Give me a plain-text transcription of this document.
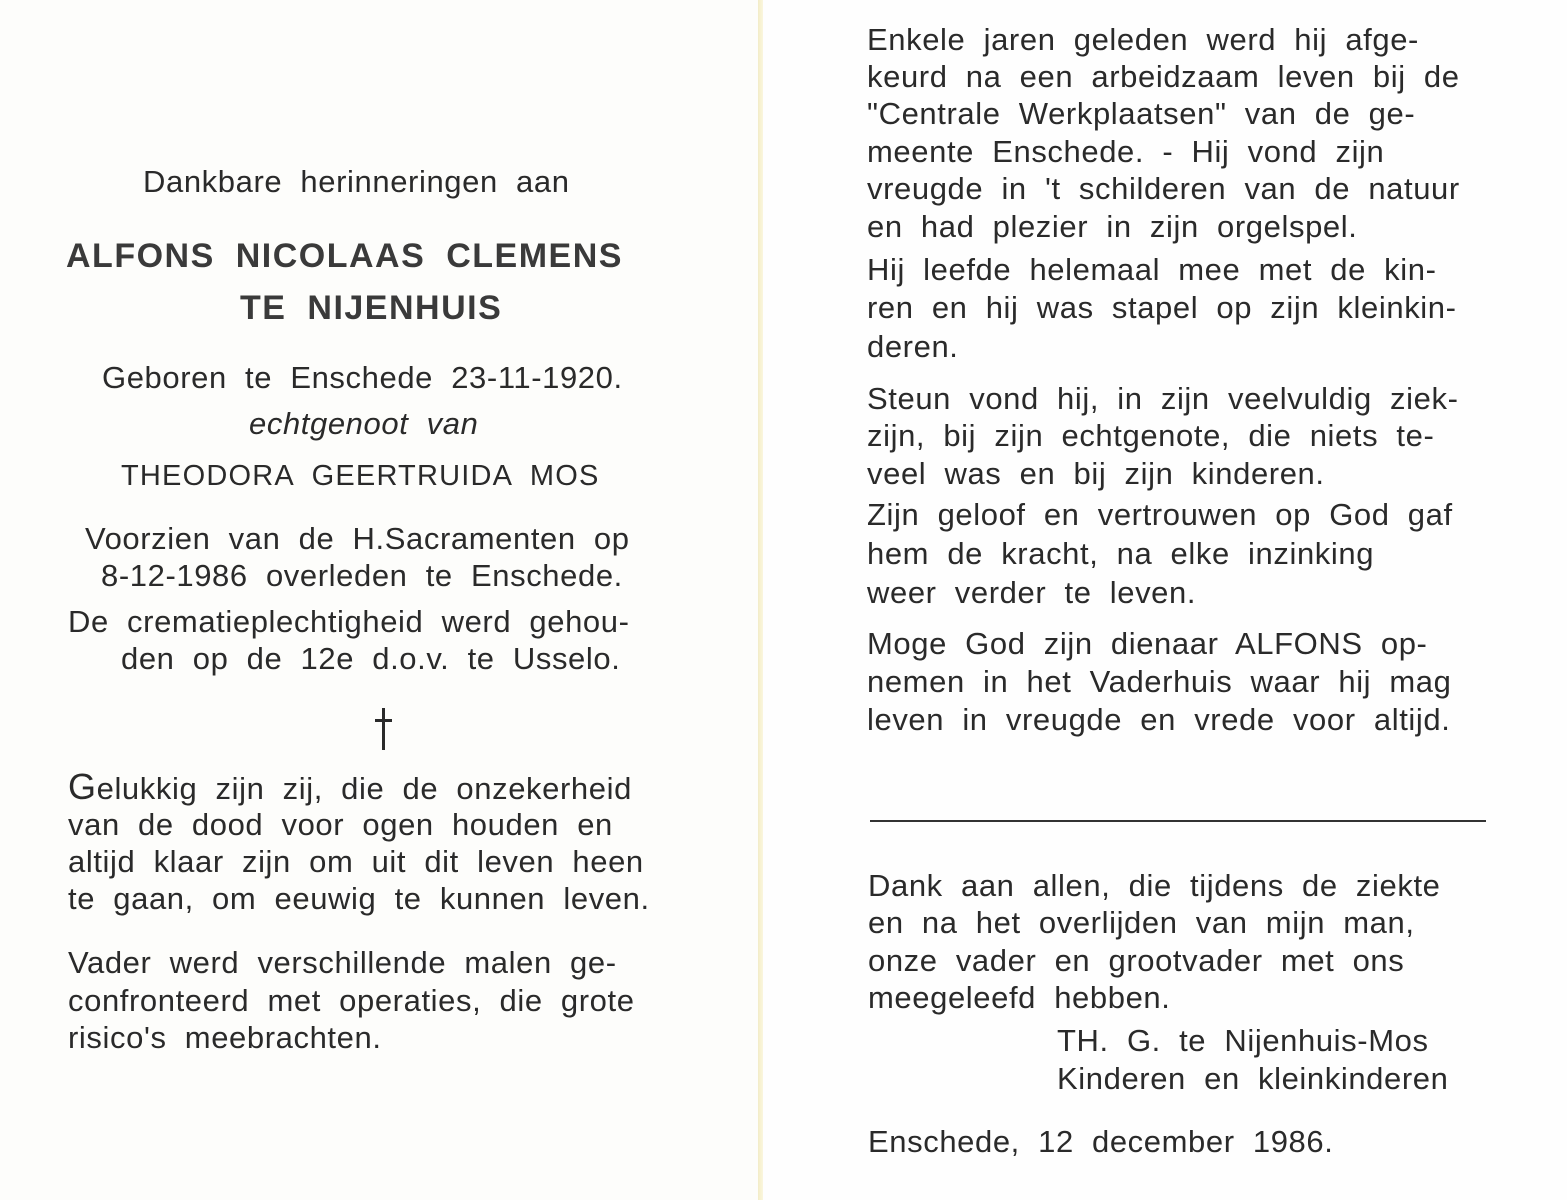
Dankbare herinneringen aan
ALFONS NICOLAAS CLEMENS
TE NIJENHUIS
Geboren te Enschede 23-11-1920.
echtgenoot van
THEODORA GEERTRUIDA MOS
Voorzien van de H.Sacramenten op
8-12-1986 overleden te Enschede.
De crematieplechtigheid werd gehou-
den op de 12e d.o.v. te Usselo.
Gelukkig zijn zij, die de onzekerheid
van de dood voor ogen houden en
altijd klaar zijn om uit dit leven heen
te gaan, om eeuwig te kunnen leven.
Vader werd verschillende malen ge-
confronteerd met operaties, die grote
risico's meebrachten.
Enkele jaren geleden werd hij afge-
keurd na een arbeidzaam leven bij de
"Centrale Werkplaatsen" van de ge-
meente Enschede. - Hij vond zijn
vreugde in 't schilderen van de natuur
en had plezier in zijn orgelspel.
Hij leefde helemaal mee met de kin-
ren en hij was stapel op zijn kleinkin-
deren.
Steun vond hij, in zijn veelvuldig ziek-
zijn, bij zijn echtgenote, die niets te-
veel was en bij zijn kinderen.
Zijn geloof en vertrouwen op God gaf
hem de kracht, na elke inzinking
weer verder te leven.
Moge God zijn dienaar ALFONS op-
nemen in het Vaderhuis waar hij mag
leven in vreugde en vrede voor altijd.
Dank aan allen, die tijdens de ziekte
en na het overlijden van mijn man,
onze vader en grootvader met ons
meegeleefd hebben.
TH. G. te Nijenhuis-Mos
Kinderen en kleinkinderen
Enschede, 12 december 1986.
